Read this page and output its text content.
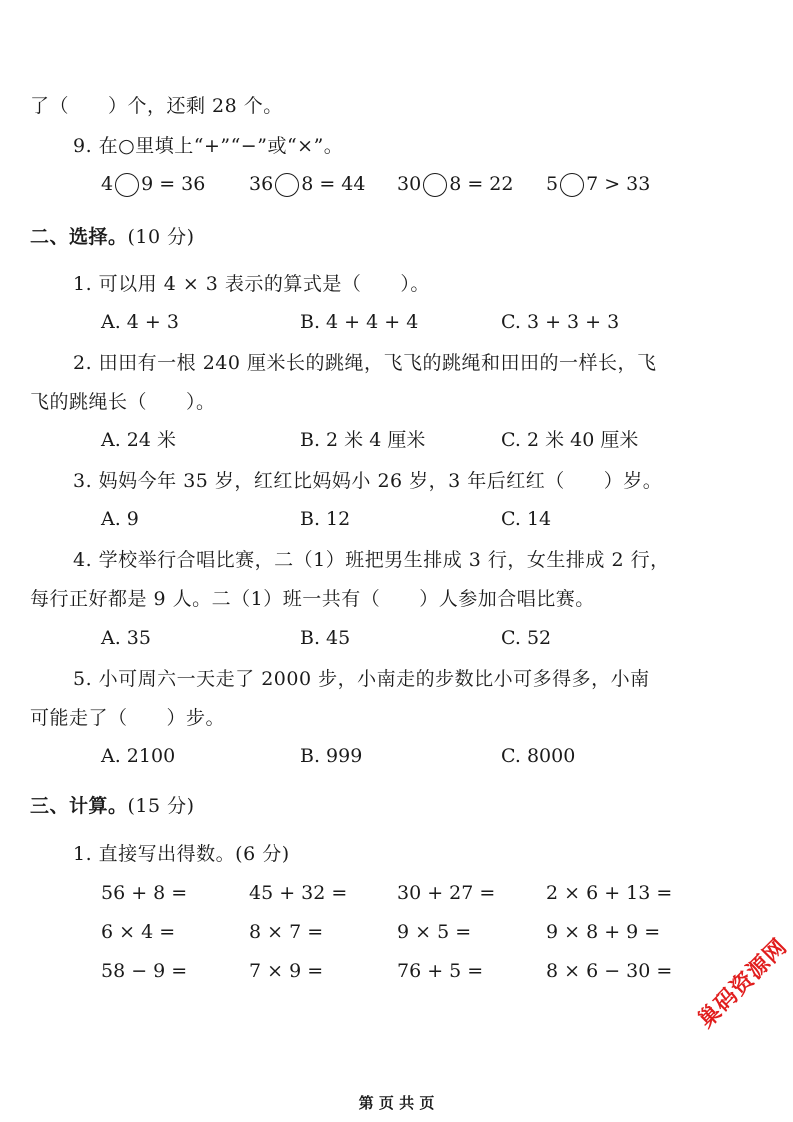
了（　　）个，还剩 28 个。
9. 在○里填上“+”“−”或“×”。
4 9 = 36 36 8 = 44 30 8 = 22 5 7 > 33
二、选择。(10 分)
1. 可以用 4 × 3 表示的算式是（　　）。
A. 4 + 3	B. 4 + 4 + 4	C. 3 + 3 + 3
2. 田田有一根 240 厘米长的跳绳，飞飞的跳绳和田田的一样长，飞
飞的跳绳长（　　）。
A. 24 米	B. 2 米 4 厘米	C. 2 米 40 厘米
3. 妈妈今年 35 岁，红红比妈妈小 26 岁，3 年后红红（　　）岁。
A. 9	B. 12	C. 14
4. 学校举行合唱比赛，二（1）班把男生排成 3 行，女生排成 2 行，
每行正好都是 9 人。二（1）班一共有（　　）人参加合唱比赛。
A. 35	B. 45	C. 52
5. 小可周六一天走了 2000 步，小南走的步数比小可多得多，小南
可能走了（　　）步。
A. 2100	B. 999	C. 8000
三、计算。(15 分)
1. 直接写出得数。(6 分)
56 + 8 =	45 + 32 =	30 + 27 =	2 × 6 + 13 =
6 × 4 =	8 × 7 =	9 × 5 =	9 × 8 + 9 =
58 − 9 =	7 × 9 =	76 + 5 =	8 × 6 − 30 = 巢码资源网
第 页 共 页
